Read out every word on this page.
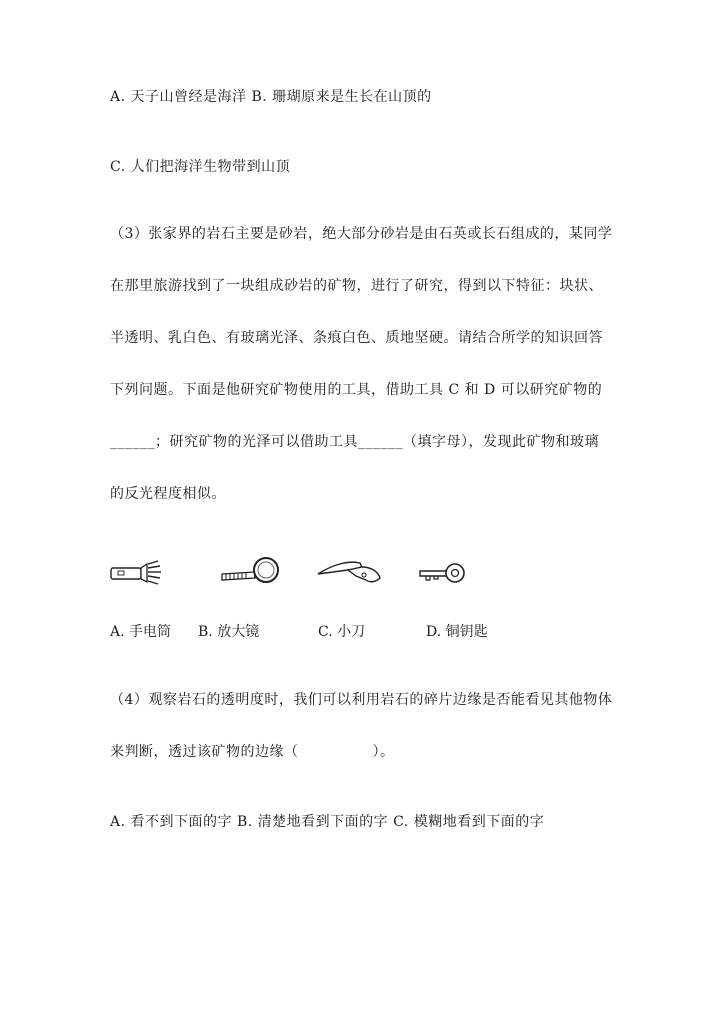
A. 天子山曾经是海洋 B. 珊瑚原来是生长在山顶的
C. 人们把海洋生物带到山顶
（3）张家界的岩石主要是砂岩，绝大部分砂岩是由石英或长石组成的，某同学
在那里旅游找到了一块组成砂岩的矿物，进行了研究，得到以下特征：块状、
半透明、乳白色、有玻璃光泽、条痕白色、质地坚硬。请结合所学的知识回答
下列问题。下面是他研究矿物使用的工具，借助工具 C 和 D 可以研究矿物的
______；研究矿物的光泽可以借助工具______（填字母），发现此矿物和玻璃
的反光程度相似。
A. 手电筒 B. 放大镜	C. 小刀	D. 铜钥匙
（4）观察岩石的透明度时，我们可以利用岩石的碎片边缘是否能看见其他物体
来判断，透过该矿物的边缘（	）。
A. 看不到下面的字 B. 清楚地看到下面的字 C. 模糊地看到下面的字
